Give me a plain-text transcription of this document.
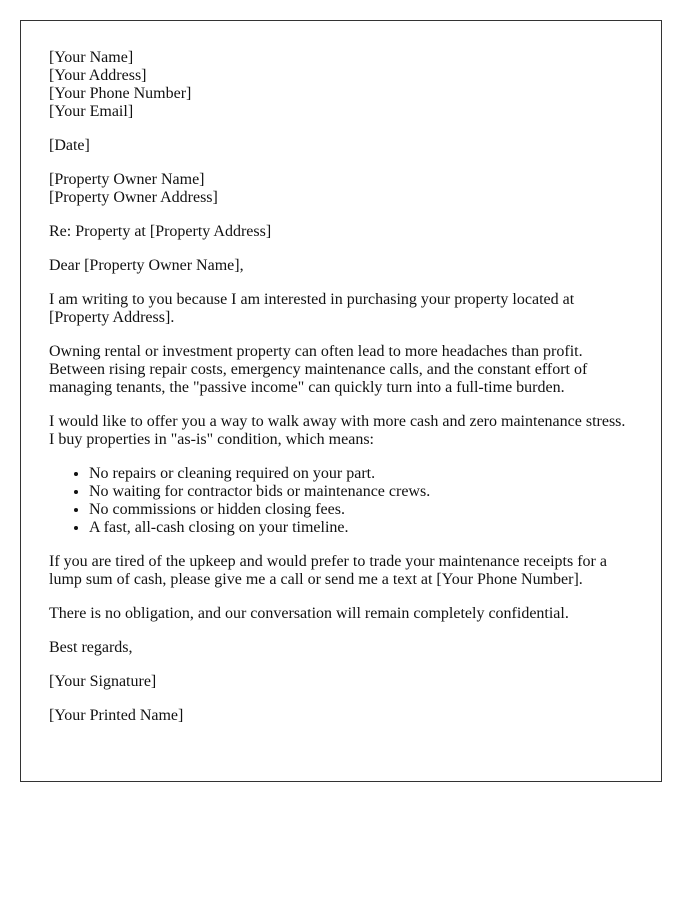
[Your Name]
[Your Address]
[Your Phone Number]
[Your Email]

[Date]

[Property Owner Name]
[Property Owner Address]

Re: Property at [Property Address]

Dear [Property Owner Name],

I am writing to you because I am interested in purchasing your property located at
[Property Address].

Owning rental or investment property can often lead to more headaches than profit.
Between rising repair costs, emergency maintenance calls, and the constant effort of
managing tenants, the "passive income" can quickly turn into a full-time burden.

I would like to offer you a way to walk away with more cash and zero maintenance stress.
I buy properties in "as-is" condition, which means:

• No repairs or cleaning required on your part.
• No waiting for contractor bids or maintenance crews.
• No commissions or hidden closing fees.
• A fast, all-cash closing on your timeline.

If you are tired of the upkeep and would prefer to trade your maintenance receipts for a
lump sum of cash, please give me a call or send me a text at [Your Phone Number].

There is no obligation, and our conversation will remain completely confidential.

Best regards,

[Your Signature]

[Your Printed Name]
